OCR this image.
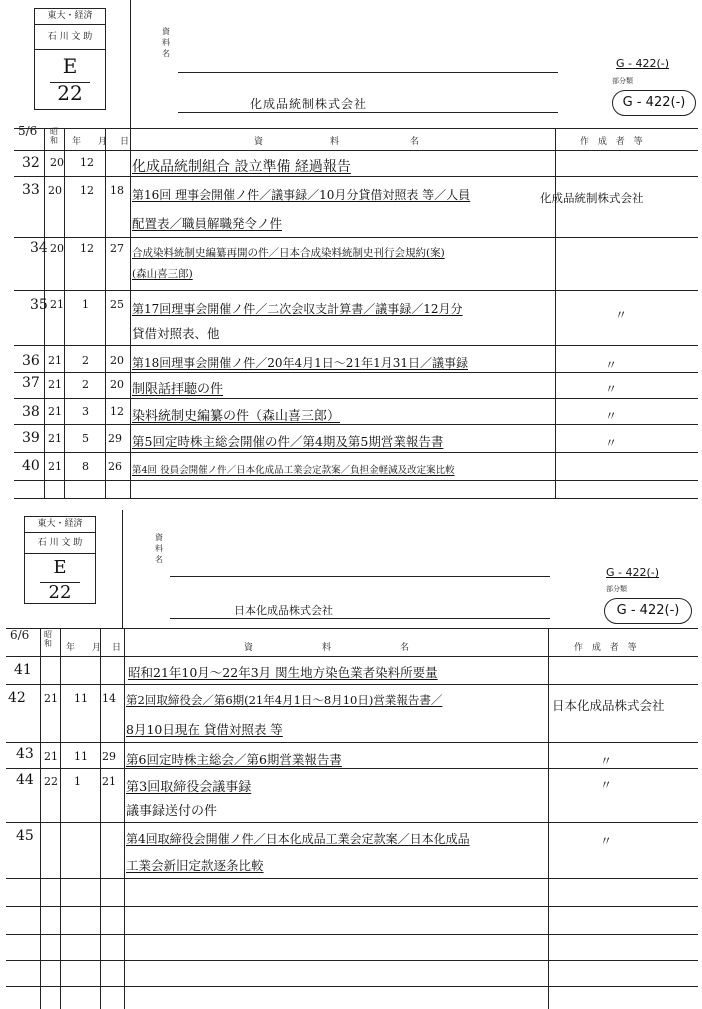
東大・経済
石 川 文 助
E
22
資
料
名
G - 422(-)
部分類
G - 422(-)
化成品統制株式会社
5/6 昭和 年 月 日	資	料	名	作 成 者 等
32 20 12	化成品統制組合 設立準備 経過報告
33 20 12 18 第16回 理事会開催ノ件／議事録／10月分貸借対照表 等／人員	化成品統制株式会社
配置表／職員解職発令ノ件
34 20 12 27 合成染料統制史編纂再開の件／日本合成染料統制史刊行会規約(案)
(森山喜三郎)
35 21 1 25 第17回理事会開催ノ件／二次会収支計算書／議事録／12月分	〃
貸借対照表、他
36 21 2 20 第18回理事会開催ノ件／20年4月1日～21年1月31日／議事録	〃
37 21 2 20 制限話拝聴の件	〃
38 21 3 12 染料統制史編纂の件（森山喜三郎）	〃
39 21 5 29 第5回定時株主総会開催の件／第4期及第5期営業報告書	〃
40 21 8 26 第4回 役員会開催ノ件／日本化成品工業会定款案／負担金軽減及改定案比較
東大・経済
石 川 文 助
E
22
資
料
名
G - 422(-)
部分類
G - 422(-)
日本化成品株式会社
6/6 昭和 年 月 日	資	料	名	作 成 者 等
41	昭和21年10月～22年3月 関生地方染色業者染料所要量
42 21 11 14 第2回取締役会／第6期(21年4月1日～8月10日)営業報告書／	日本化成品株式会社
8月10日現在 貸借対照表 等
43 21 11 29 第6回定時株主総会／第6期営業報告書	〃
44 22 1 21 第3回取締役会議事録	〃
議事録送付の件
45	第4回取締役会開催ノ件／日本化成品工業会定款案／日本化成品	〃
工業会新旧定款逐条比較
